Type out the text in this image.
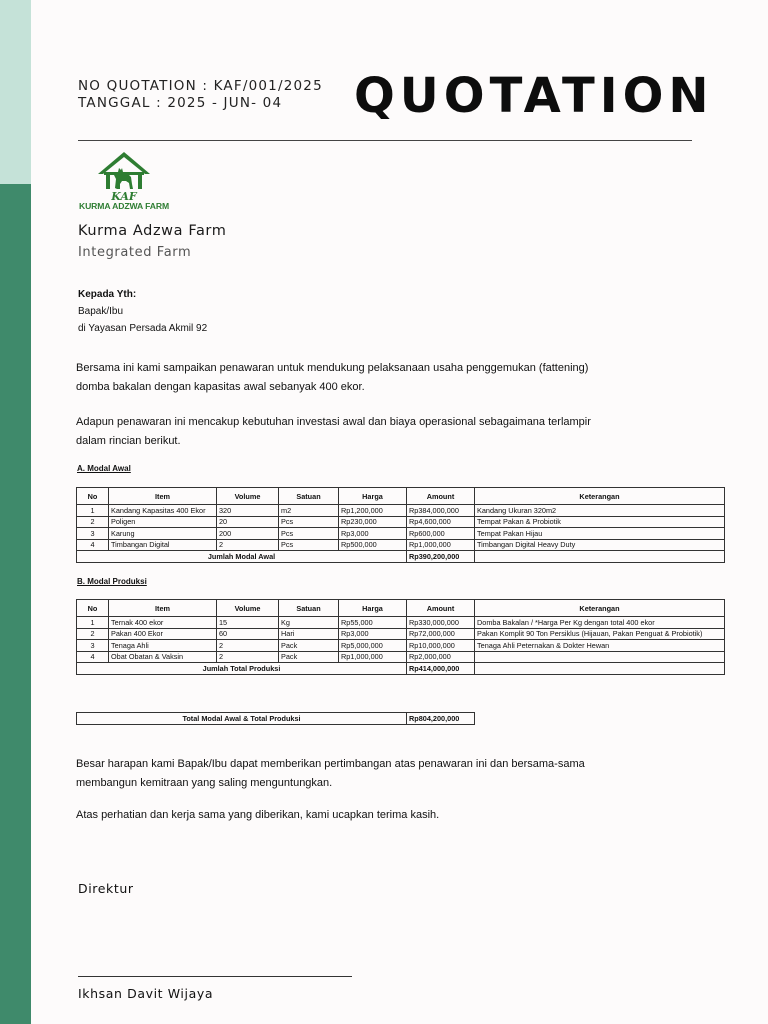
NO QUOTATION : KAF/001/2025
TANGGAL : 2025 - JUN- 04	QUOTATION
KAF
KURMA ADZWA FARM
Kurma Adzwa Farm
Integrated Farm
Kepada Yth:
Bapak/Ibu
di Yayasan Persada Akmil 92
Bersama ini kami sampaikan penawaran untuk mendukung pelaksanaan usaha penggemukan (fattening) domba bakalan dengan kapasitas awal sebanyak 400 ekor.
Adapun penawaran ini mencakup kebutuhan investasi awal dan biaya operasional sebagaimana terlampir dalam rincian berikut.
A. Modal Awal
No	Item	Volume	Satuan	Harga	Amount	Keterangan
1	Kandang Kapasitas 400 Ekor	320	m2	Rp1,200,000	Rp384,000,000	Kandang Ukuran 320m2
2	Poligen	20	Pcs	Rp230,000	Rp4,600,000	Tempat Pakan & Probiotik
3	Karung	200	Pcs	Rp3,000	Rp600,000	Tempat Pakan Hijau
4	Timbangan Digital	2	Pcs	Rp500,000	Rp1,000,000	Timbangan Digital Heavy Duty
Jumlah Modal Awal					Rp390,200,000	
B. Modal Produksi
No	Item	Volume	Satuan	Harga	Amount	Keterangan
1	Ternak 400 ekor	15	Kg	Rp55,000	Rp330,000,000	Domba Bakalan / *Harga Per Kg dengan total 400 ekor
2	Pakan 400 Ekor	60	Hari	Rp3,000	Rp72,000,000	Pakan Komplit 90 Ton Persiklus (Hijauan, Pakan Penguat & Probiotik)
3	Tenaga Ahli	2	Pack	Rp5,000,000	Rp10,000,000	Tenaga Ahli Peternakan & Dokter Hewan
4	Obat Obatan & Vaksin	2	Pack	Rp1,000,000	Rp2,000,000	
Jumlah Total Produksi					Rp414,000,000	
Total Modal Awal & Total Produksi	Rp804,200,000
Besar harapan kami Bapak/Ibu dapat memberikan pertimbangan atas penawaran ini dan bersama-sama membangun kemitraan yang saling menguntungkan.
Atas perhatian dan kerja sama yang diberikan, kami ucapkan terima kasih.
Direktur
Ikhsan Davit Wijaya
